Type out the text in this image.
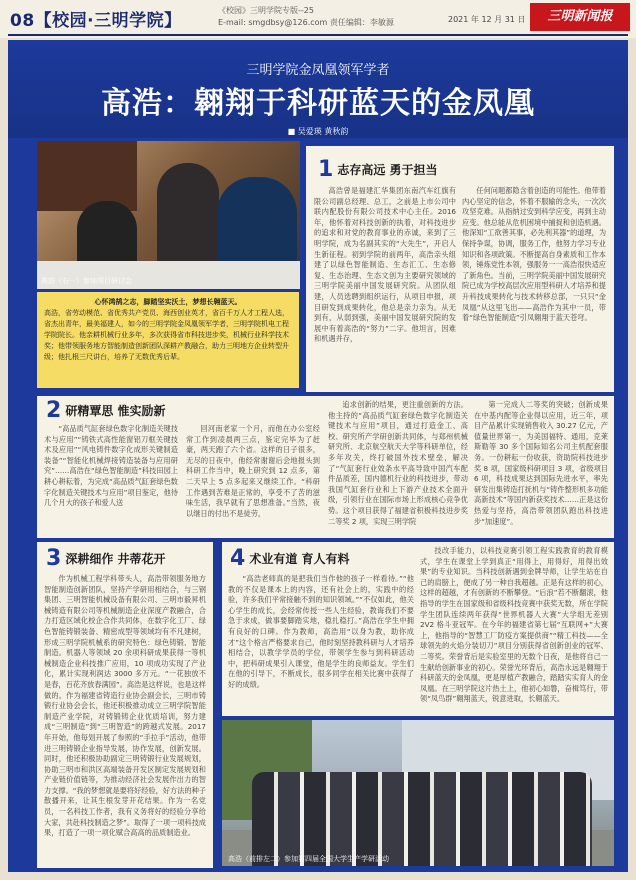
08【校园·三明学院】
《校园》三明学院专版--25
E-mail: smgdbsy@126.com 责任编辑：李敏源	2021 年 12 月 31 日	三明新闻报
三明学院金凤凰领军学者
高浩：翱翔于科研蓝天的金凤凰
■ 吴爱瑛 黄秋韵
高浩（右一）参加项目研讨会
心怀鸿鹄之志，脚踏坚实沃土，梦想长翱蓝天。
高浩，省劳动模范、省优秀共产党员、海西创业英才，省百千万人才工程人选，省杰出青年，最美福建人，如今的三明学院金凤凰领军学者，三明学院机电工程学院院长。他亲耕机械行业多年，多次获得省市科技进步奖，机械行业科学技术奖；他带领服务地方智能制造创新团队深耕产教融合，助力三明地方企业转型升级；他扎根三尺讲台，培养了无数优秀后辈。
1 志存高远 勇于担当
高浩曾是福建汇华集团东南汽车红旗有限公司副总经理、总工，之前是上市公司中联内配股份有限公司技术中心主任。2016 年，他怀着对科技创新的执着，对科技进步的追求和对党的教育事业的赤诚，来到了三明学院，成为名副其实的“大先生”，开启人生新征程。初到学院的前两年，高浩亲头组建了以绿色智能制造、生态汇工、生态修复、生态治理、生态文创为主要研究领域的三明学院美丽中国发展研究院。从团队组建，人员选聘到组织运行，从项目申报，项目研发到成果转化，他总是亲力亲为。从无到有，从弱到强，美丽中国发展研究院的发展中有着高浩的“努力”二字。他坦言，因难和机遇并存，
任何问题都隐含着创造的可能性。他带着内心坚定的信念，怀着不服输的念头，一次次攻坚克难。从指纳过安到科学应变，再到主动应变。他总能从危机困境中捕捉和创造机遇。他深知“工欲善其事，必先利其器”的道理，为保持争谋，协调，服务工作，他努力学习专业知识和各项政策。不断提高自身素质和工作本领，锤炼党性本领，强服务一一高浩很快适应了新角色。当前，三明学院美丽中国发展研究院已成为学校高层次应用型科研人才培养和提升科技成果转化与技术转移总部，一只只“金凤凰”从这里飞出——高浩作为其中一员，带着“绿色智能制造”引凤翱翔于蓝天苍穹。
2 研精覃思 惟实励新
“高品质气缸套绿色数字化制造关键技术与应用”“铸铁式高性能窗铝刀框关键技术及应用”“风电铸件数字化成形关键制造装备”“智能化机械焊接铸造装备与应用研究”……高浩在“绿色智能制造”科技田园上耕心耕耘着，为完成“高品质气缸套绿色数字化制造关键技术与应用”项目鉴定，他待几个月大的孩子和爱人送
回河南老家一个月，而他在办公室经常工作到凌晨两三点，鉴定完毕为了赶豪，两天跑了六个省。这样的日子很多，无尽的日夜中，他经常谢谢后会地报头到科研工作当中，晚上研究到 12 点多，第二天早上 5 点多起来又继续工作。“科研工作遇到苦难是正常的，享受不了苦的滋味生活，我早就有了思想准备。”当然，夜以继日的付出不是徒劳，
追求创新的结果，更注重创新的方法。他主持的“高品质气缸套绿色数字化制造关键技术与应用”项目，通过打造金工、高校、研究所产学研创新共同体，与郑州机械研究所、北京航空航天大学等科研单位，经多年攻关，终打破国外技术壁垒，解决了“气缸套行业效条水平高导致中国汽车配件品质差，国内德机行业的科技进步，带动我国气缸套行业和上下游产业技术全面升级，引领行业在国际市场上形成核心竞争优势。这个项目获得了福建省积极科技进步奖二等奖 2 项，实现三明学院
第一完成人二等奖的突破；创新成果在中基内配等企业得以应用，近三年，项目产品累计实现销售收入 30.27 亿元，产值量世界第一，为美国福特、通用，克莱斯勒等 30 多个国际知名公司主机配套服务。一份耕耘一份收获，资助院科技进步奖 8 项，国家级科研项目 3 项，省级项目 6 项，科技成果达到国际先进水平，率先研发出集铸造打抚机与“铸件整形机多功能高新技术”等国内新获奖技术……正是这份热爱与坚持，高浩带领团队跑出科技进步“加速度”。
3 深耕细作 井蒂花开
作为机械工程学科带头人，高浩带领服务地方智能制造创新团队，坚持产学研用相结合，与三钢集团、三明智能机械设备有限公司、三明市毅昇机械铸造有限公司等机械制造企业深度产教融合，合力打造区域化校企合作共同体，在数字化工厂、绿色智能铸锻装备、精密成型等领域均有不凡建树，形成三明学院机械系的研究特色：绿色铸锻、智能制造。机器人等领域 20 余项科研成果获得一等机械制造企业科技推广应用，10 项成功实现了产业化，累计实现利润达 3000 多万元。“一花独放不是春，百花齐放春满园”。高浩是这样说，也是这样做的。作为福建省铸造行业协会副会长，三明市铸锻行业协会会长，他还积极推动成立三明学院智能制造产业学院，对铸锻铸企业优质培训，努力建成“三明制造”到“三明智造”的跨越式发展。2017 年开始，他毎划开展了参照的“手拉手”活动，他带进三明铸锻企业指导发展，协作发展，创新发展。同时，他还积极协助副定三明铸锻行业发展规划，协助三明市和洪区高端装备开发区制定发展规划和产业链价值链等，为推动经济社会发展作出力的智力支撑。“我的梦想就是要将好经验，好方法的种子散播开来，让其生根发芽开花结果。作为一名党员，一名科技工作者，我有义务将好的经验分享给大家，共赴科技制造之梦”。取得了一项一项科技成果，打造了一项一项化赋合高高的品质制造业。
4 术业有道 育人有料
“高浩老师真的是把我们当作他的孩子一样看待。”“他教的不仅是课本上的内容，还有社会上的，实践中的经验，许多我们平常接触不到的知识领域。”“不仅如此，他关心学生的成长，会经常传授一些人生经验，教诲我们不要急于求成，做事要脚踏实地，稳扎稳打。”高浩在学生中拥有良好的口碑。作为教师，高浩用“以身为教，助你成才”这个格言严格要求自己，他时刻坚持教科研与人才培养相结合，以教学学员的学位，带领学生参与到科研活动中，把科研成果引入课堂，他是学生的良师益友。学生们在他的引导下，不断成长，很多同学在相关比赛中获得了好的成绩。
技改手能力，以科技竞赛引领工程实践教育的教育模式，学生在课堂上学到真正“用得上，用得好，用得出效果”的专业知识。当科技创新遇到金牌导师，让学生站在自己的肩膀上，便成了另一种自我超越。正是有这样的初心，这样的超越，才有创新的不断攀登。“后浪”若不断翻滚，他指导的学生在国家级和省级科技竞赛中获奖无数，所在学院学生团队连续两年获得“世界机器人大赛”大学组无差别 2V2 格斗亚冠军。在今年的福建省第七届“互联网+”大赛上，他指导的“智慧工厂防疫方案提供商”“精工科技——全球领先的火焰分装切刀”项目分别获得省创新创业的冠军、二等奖。荣誉背后是实验室里的无数个日夜，是他将自己一生献给创新事业的初心。荣誉光环背后，高浩永远是翱翔于科研蓝天的金凤凰，更是厚植产教融合，踏踏实实育人的金凤凰。在三明学院这片热土上，他初心如磐，奋楫笃行，带领“凤鸟群”翱翔蓝天，锐意进取，长翱蓝天。
高浩（前排左二）参加第四届全国大学生产学研活动
